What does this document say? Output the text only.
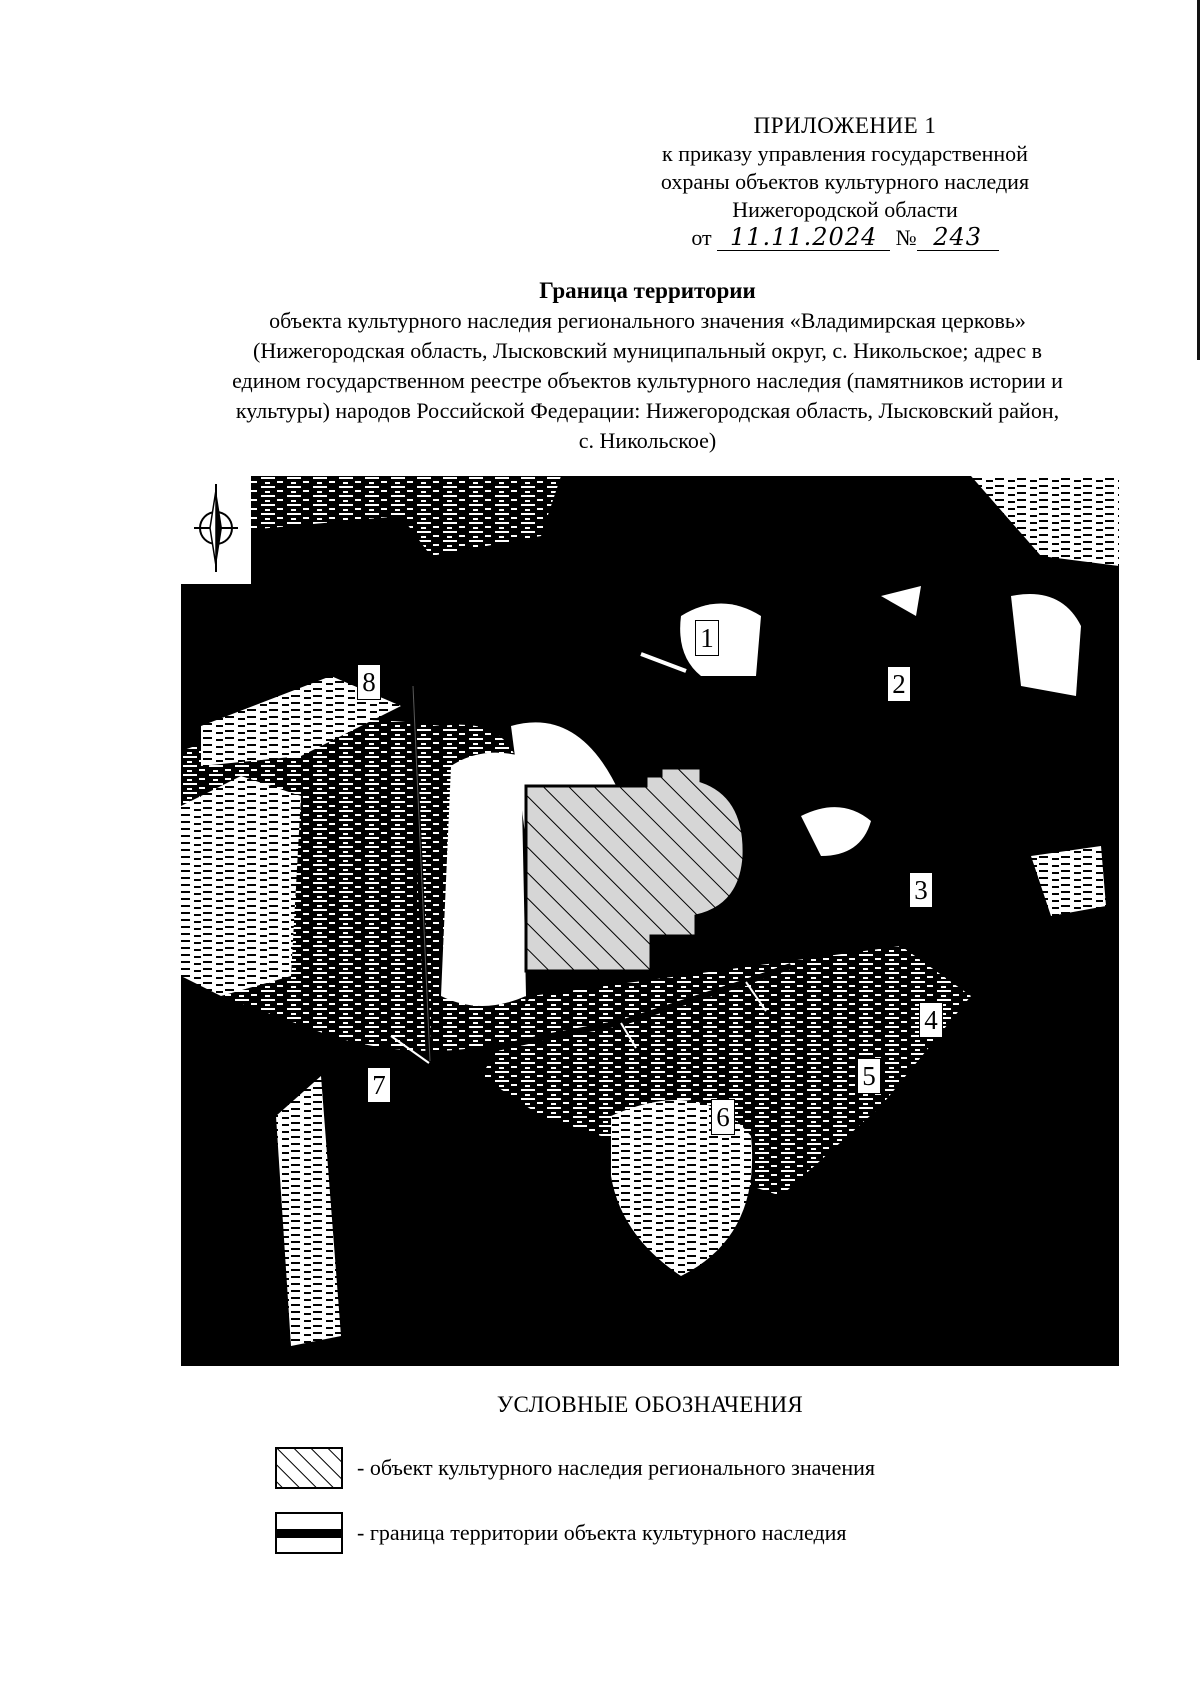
ПРИЛОЖЕНИЕ 1
к приказу управления государственной
охраны объектов культурного наследия
Нижегородской области
от 11.11.2024 № 243
Граница территории
объекта культурного наследия регионального значения «Владимирская церковь»
(Нижегородская область, Лысковский муниципальный округ, с. Никольское; адрес в
едином государственном реестре объектов культурного наследия (памятников истории и
культуры) народов Российской Федерации: Нижегородская область, Лысковский район,
с. Никольское)
1
2
3
4
5
6
7
8
УСЛОВНЫЕ ОБОЗНАЧЕНИЯ
- объект культурного наследия регионального значения
- граница территории объекта культурного наследия
